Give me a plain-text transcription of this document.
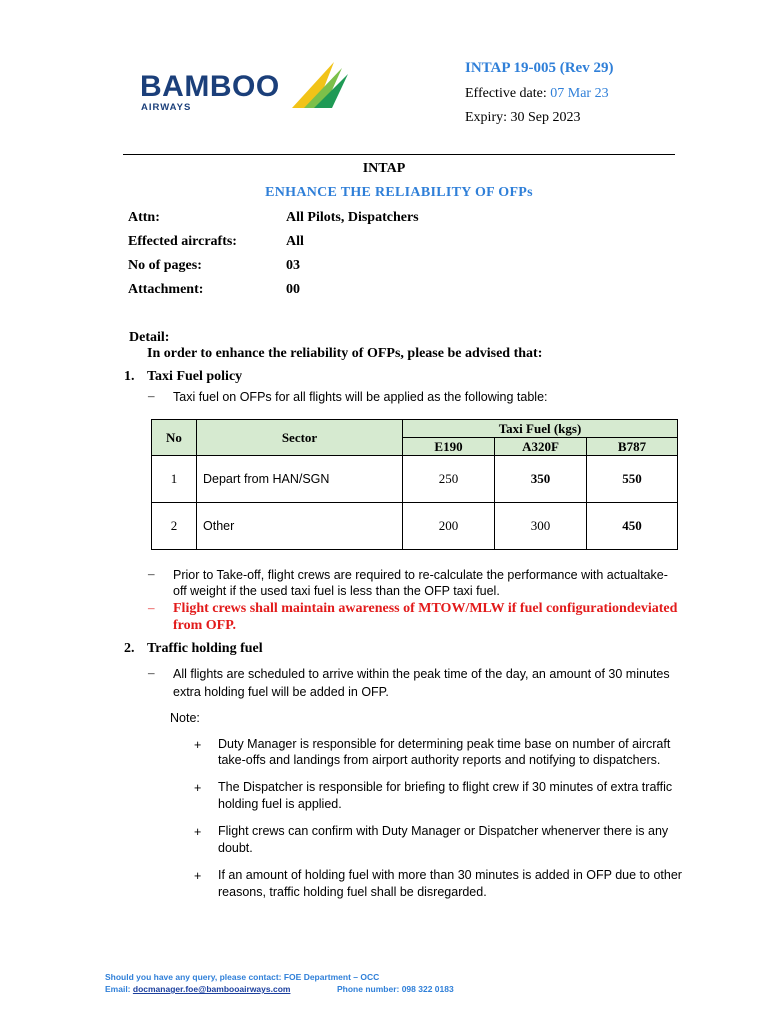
BAMBOO
AIRWAYS
INTAP 19-005 (Rev 29)
Effective date: 07 Mar 23
Expiry: 30 Sep 2023
INTAP
ENHANCE THE RELIABILITY OF OFPs
Attn:	All Pilots, Dispatchers
Effected aircrafts:	All
No of pages:	03
Attachment:	00
Detail:
In order to enhance the reliability of OFPs, please be advised that:
1. Taxi Fuel policy
– Taxi fuel on OFPs for all flights will be applied as the following table:
No	Sector	Taxi Fuel (kgs)		
		E190	A320F	B787
1	Depart from HAN/SGN	250	350	550
2	Other	200	300	450
– Prior to Take-off, flight crews are required to re-calculate the performance with actualtake-
off weight if the used taxi fuel is less than the OFP taxi fuel.
– Flight crews shall maintain awareness of MTOW/MLW if fuel configurationdeviated
from OFP.
2. Traffic holding fuel
– All flights are scheduled to arrive within the peak time of the day, an amount of 30 minutes
extra holding fuel will be added in OFP.
Note:
+ Duty Manager is responsible for determining peak time base on number of aircraft
take-offs and landings from airport authority reports and notifying to dispatchers.
+ The Dispatcher is responsible for briefing to flight crew if 30 minutes of extra traffic
holding fuel is applied.
+ Flight crews can confirm with Duty Manager or Dispatcher whenerver there is any
doubt.
+ If an amount of holding fuel with more than 30 minutes is added in OFP due to other
reasons, traffic holding fuel shall be disregarded.
Should you have any query, please contact: FOE Department – OCC
Email: docmanager.foe@bambooairways.com	Phone number: 098 322 0183
